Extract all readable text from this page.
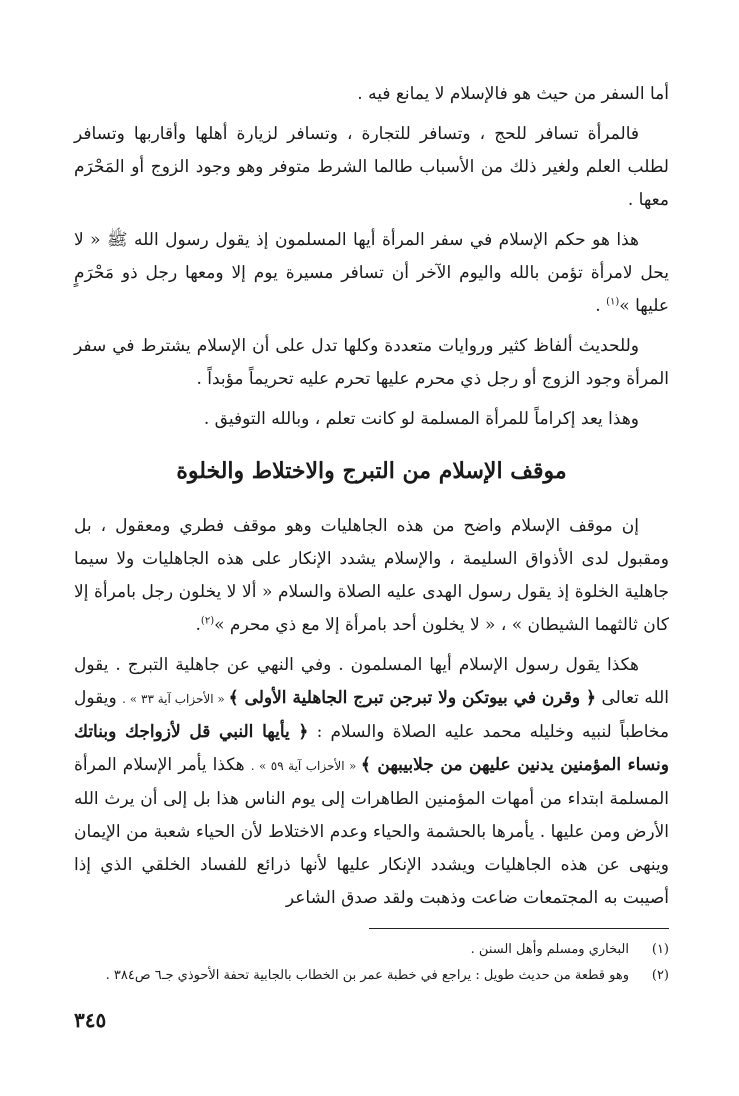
أما السفر من حيث هو فالإسلام لا يمانع فيه .

فالمرأة تسافر للحج ، وتسافر للتجارة ، وتسافر لزيارة أهلها وأقاربها وتسافر لطلب العلم ولغير ذلك من الأسباب طالما الشرط متوفر وهو وجود الزوج أو المَحْرَم معها .

هذا هو حكم الإسلام في سفر المرأة أيها المسلمون إذ يقول رسول الله ﷺ « لا يحل لامرأة تؤمن بالله واليوم الآخر أن تسافر مسيرة يوم إلا ومعها رجل ذو مَحْرَمٍ عليها »$^{(١)}$ .

وللحديث ألفاظ كثير وروايات متعددة وكلها تدل على أن الإسلام يشترط في سفر المرأة وجود الزوج أو رجل ذي محرم عليها تحرم عليه تحريماً مؤبداً .

وهذا يعد إكراماً للمرأة المسلمة لو كانت تعلم ، وبالله التوفيق .

موقف الإسلام من التبرج والاختلاط والخلوة

إن موقف الإسلام واضح من هذه الجاهليات وهو موقف فطري ومعقول ، بل ومقبول لدى الأذواق السليمة ، والإسلام يشدد الإنكار على هذه الجاهليات ولا سيما جاهلية الخلوة إذ يقول رسول الهدى عليه الصلاة والسلام « ألا لا يخلون رجل بامرأة إلا كان ثالثهما الشيطان » ، « لا يخلون أحد بامرأة إلا مع ذي محرم »$^{(٢)}$.

هكذا يقول رسول الإسلام أيها المسلمون . وفي النهي عن جاهلية التبرج . يقول الله تعالى ﴿ وقرن في بيوتكن ولا تبرجن تبرج الجاهلية الأولى ﴾ « الأحزاب آية ٣٣ » . ويقول مخاطباً لنبيه وخليله محمد عليه الصلاة والسلام : ﴿ يأيها النبي قل لأزواجك وبناتك ونساء المؤمنين يدنين عليهن من جلابيبهن ﴾ « الأحزاب آية ٥٩ » . هكذا يأمر الإسلام المرأة المسلمة ابتداء من أمهات المؤمنين الطاهرات إلى يوم الناس هذا بل إلى أن يرث الله الأرض ومن عليها . يأمرها بالحشمة والحياء وعدم الاختلاط لأن الحياء شعبة من الإيمان وينهى عن هذه الجاهليات ويشدد الإنكار عليها لأنها ذرائع للفساد الخلقي الذي إذا أصيبت به المجتمعات ضاعت وذهبت ولقد صدق الشاعر

(١)
البخاري ومسلم وأهل السنن .
(٢)
وهو قطعة من حديث طويل : يراجع في خطبة عمر بن الخطاب بالجابية تحفة الأحوذي جـ٦ ص٣٨٤ .
٣٤٥
